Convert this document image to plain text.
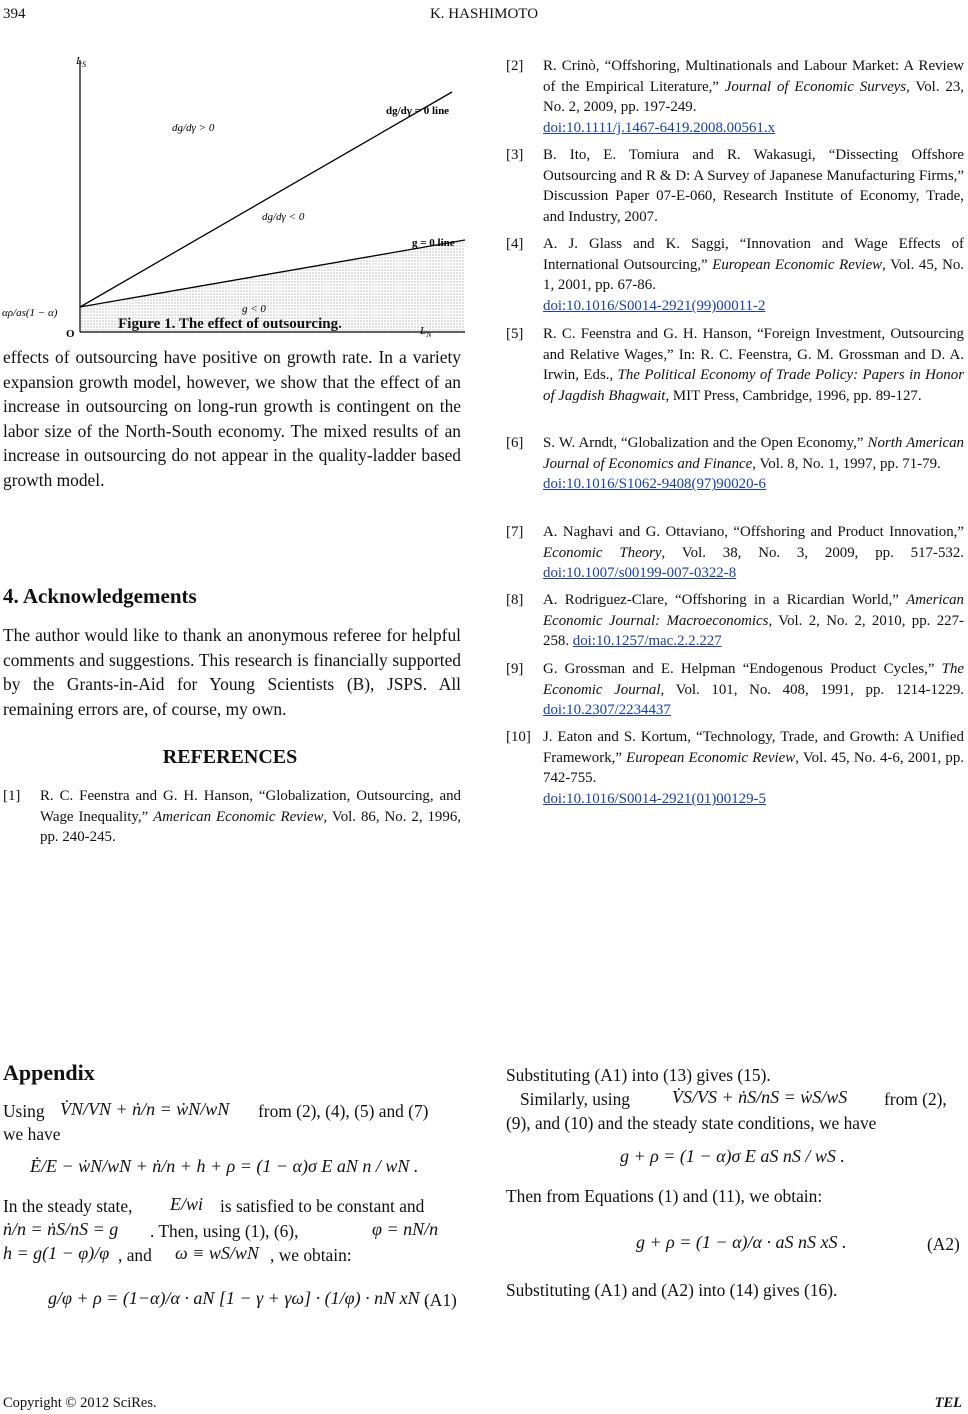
394	K. HASHIMOTO
$L_S$
$L_N$
O
dg/dγ = 0 line
g = 0 line
dg/dγ > 0
dg/dγ < 0
g < 0
αρ/as(1 − α)
Figure 1. The effect of outsourcing.
effects of outsourcing have positive on growth rate. In a variety expansion growth model, however, we show that the effect of an increase in outsourcing on long-run growth is contingent on the labor size of the North-South economy. The mixed results of an increase in outsourcing do not appear in the quality-ladder based growth model.
4. Acknowledgements
The author would like to thank an anonymous referee for helpful comments and suggestions. This research is financially supported by the Grants-in-Aid for Young Scientists (B), JSPS. All remaining errors are, of course, my own.
REFERENCES
[1] R. C. Feenstra and G. H. Hanson, “Globalization, Outsourcing, and Wage Inequality,” American Economic Review, Vol. 86, No. 2, 1996, pp. 240-245.
[2] R. Crinò, “Offshoring, Multinationals and Labour Market: A Review of the Empirical Literature,” Journal of Economic Surveys, Vol. 23, No. 2, 2009, pp. 197-249.
doi:10.1111/j.1467-6419.2008.00561.x
[3] B. Ito, E. Tomiura and R. Wakasugi, “Dissecting Offshore Outsourcing and R & D: A Survey of Japanese Manufacturing Firms,” Discussion Paper 07-E-060, Research Institute of Economy, Trade, and Industry, 2007.
[4] A. J. Glass and K. Saggi, “Innovation and Wage Effects of International Outsourcing,” European Economic Review, Vol. 45, No. 1, 2001, pp. 67-86.
doi:10.1016/S0014-2921(99)00011-2
[5] R. C. Feenstra and G. H. Hanson, “Foreign Investment, Outsourcing and Relative Wages,” In: R. C. Feenstra, G. M. Grossman and D. A. Irwin, Eds., The Political Economy of Trade Policy: Papers in Honor of Jagdish Bhagwait, MIT Press, Cambridge, 1996, pp. 89-127.
[6] S. W. Arndt, “Globalization and the Open Economy,” North American Journal of Economics and Finance, Vol. 8, No. 1, 1997, pp. 71-79.
doi:10.1016/S1062-9408(97)90020-6
[7] A. Naghavi and G. Ottaviano, “Offshoring and Product Innovation,” Economic Theory, Vol. 38, No. 3, 2009, pp. 517-532. doi:10.1007/s00199-007-0322-8
[8] A. Rodriguez-Clare, “Offshoring in a Ricardian World,” American Economic Journal: Macroeconomics, Vol. 2, No. 2, 2010, pp. 227-258. doi:10.1257/mac.2.2.227
[9] G. Grossman and E. Helpman “Endogenous Product Cycles,” The Economic Journal, Vol. 101, No. 408, 1991, pp. 1214-1229. doi:10.2307/2234437
[10] J. Eaton and S. Kortum, “Technology, Trade, and Growth: A Unified Framework,” European Economic Review, Vol. 45, No. 4-6, 2001, pp. 742-755.
doi:10.1016/S0014-2921(01)00129-5
Appendix
Using V̇N/VN + ṅ/n = ẇN/wN from (2), (4), (5) and (7)
we have
Ė/E − ẇN/wN + ṅ/n + h + ρ = (1 − α)σ E aN n / wN .
In the steady state, E/wi is satisfied to be constant and
ṅ/n = ṅS/nS = g . Then, using (1), (6),	φ = nN/n
h = g(1 − φ)/φ , and ω ≡ wS/wN , we obtain:
g/φ + ρ = (1−α)/α · aN [1 − γ + γω] · (1/φ) · nN xN .
(A1)
Substituting (A1) into (13) gives (15).
Similarly, using V̇S/VS + ṅS/nS = ẇS/wS from (2),
(9), and (10) and the steady state conditions, we have
g + ρ = (1 − α)σ E aS nS / wS .
Then from Equations (1) and (11), we obtain:
g + ρ = (1 − α)/α · aS nS xS .	(A2)
Substituting (A1) and (A2) into (14) gives (16).
Copyright © 2012 SciRes.	TEL
